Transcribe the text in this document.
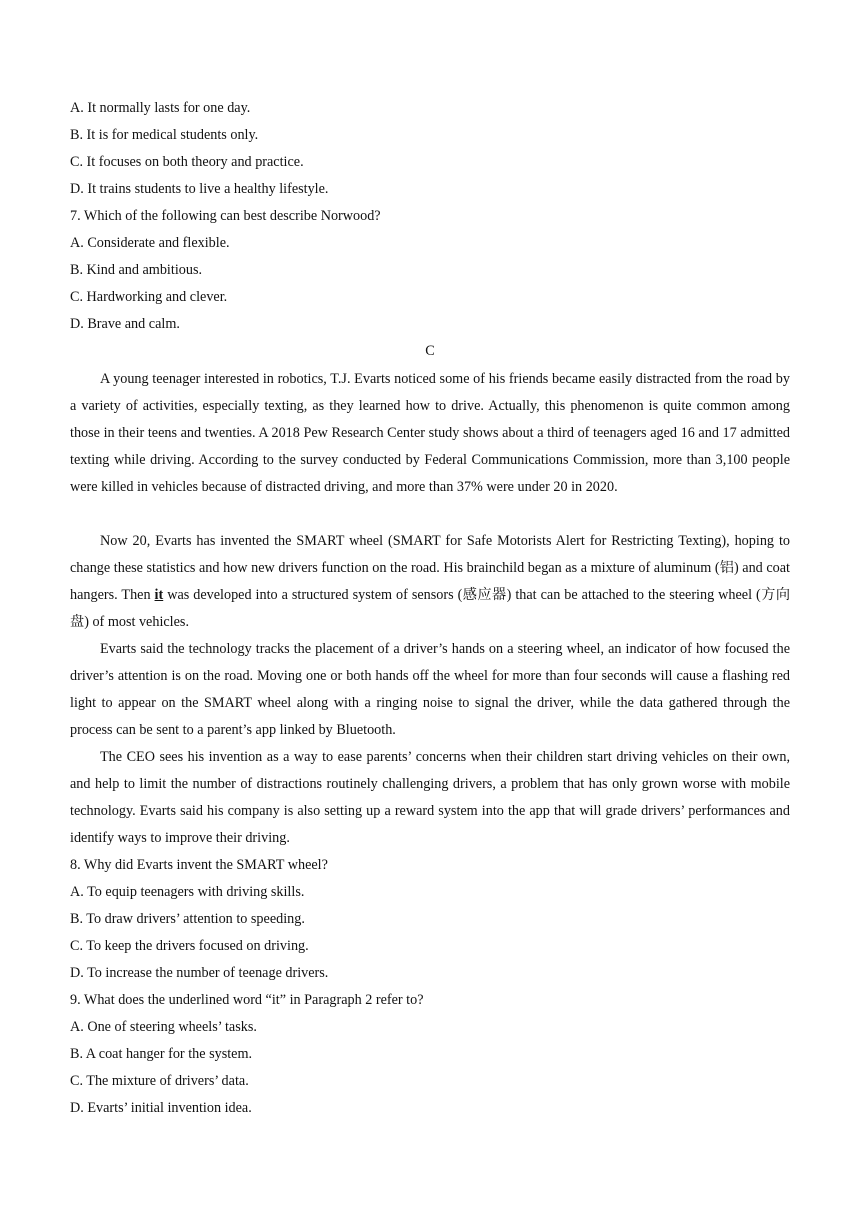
A. It normally lasts for one day.
B. It is for medical students only.
C. It focuses on both theory and practice.
D. It trains students to live a healthy lifestyle.
7. Which of the following can best describe Norwood?
A. Considerate and flexible.
B. Kind and ambitious.
C. Hardworking and clever.
D. Brave and calm.
C
A young teenager interested in robotics, T.J. Evarts noticed some of his friends became easily distracted from the road by a variety of activities, especially texting, as they learned how to drive. Actually, this phenomenon is quite common among those in their teens and twenties. A 2018 Pew Research Center study shows about a third of teenagers aged 16 and 17 admitted texting while driving. According to the survey conducted by Federal Communications Commission, more than 3,100 people were killed in vehicles because of distracted driving, and more than 37% were under 20 in 2020.
Now 20, Evarts has invented the SMART wheel (SMART for Safe Motorists Alert for Restricting Texting), hoping to change these statistics and how new drivers function on the road. His brainchild began as a mixture of aluminum (铝) and coat hangers. Then it was developed into a structured system of sensors (感应器) that can be attached to the steering wheel (方向盘) of most vehicles.
Evarts said the technology tracks the placement of a driver’s hands on a steering wheel, an indicator of how focused the driver’s attention is on the road. Moving one or both hands off the wheel for more than four seconds will cause a flashing red light to appear on the SMART wheel along with a ringing noise to signal the driver, while the data gathered through the process can be sent to a parent’s app linked by Bluetooth.
The CEO sees his invention as a way to ease parents’ concerns when their children start driving vehicles on their own, and help to limit the number of distractions routinely challenging drivers, a problem that has only grown worse with mobile technology. Evarts said his company is also setting up a reward system into the app that will grade drivers’ performances and identify ways to improve their driving.
8. Why did Evarts invent the SMART wheel?
A. To equip teenagers with driving skills.
B. To draw drivers’ attention to speeding.
C. To keep the drivers focused on driving.
D. To increase the number of teenage drivers.
9. What does the underlined word “it” in Paragraph 2 refer to?
A. One of steering wheels’ tasks.
B. A coat hanger for the system.
C. The mixture of drivers’ data.
D. Evarts’ initial invention idea.
